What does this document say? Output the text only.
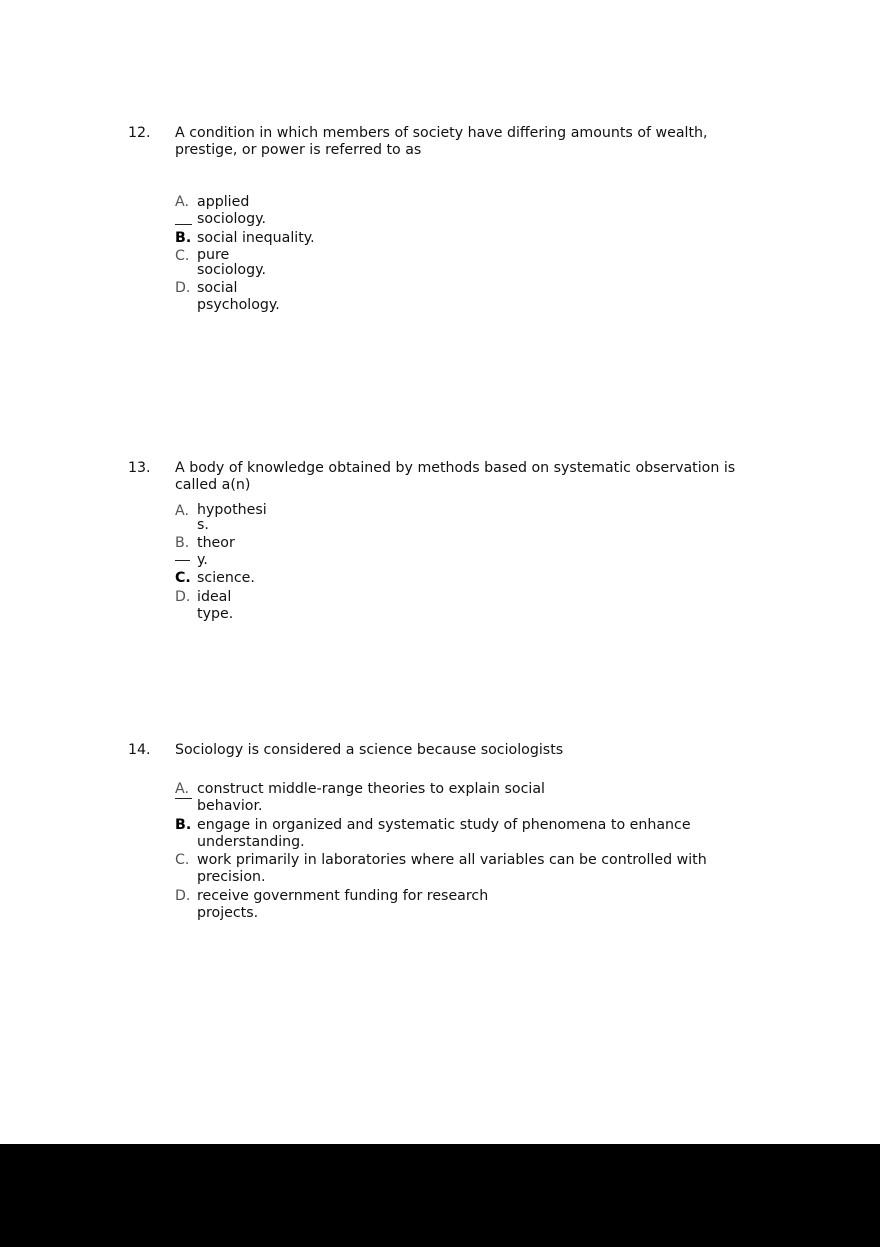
12.	A condition in which members of society have differing amounts of wealth, prestige, or power is referred to as
A. applied
sociology.
B. social inequality.
C. pure
sociology.
D. social
psychology.
13.	A body of knowledge obtained by methods based on systematic observation is called a(n)
A. hypothesi
s.
B. theor
y.
C. science.
D. ideal
type.
14.	Sociology is considered a science because sociologists
A. construct middle-range theories to explain social
behavior.
B. engage in organized and systematic study of phenomena to enhance
understanding.
C. work primarily in laboratories where all variables can be controlled with
precision.
D. receive government funding for research
projects.
